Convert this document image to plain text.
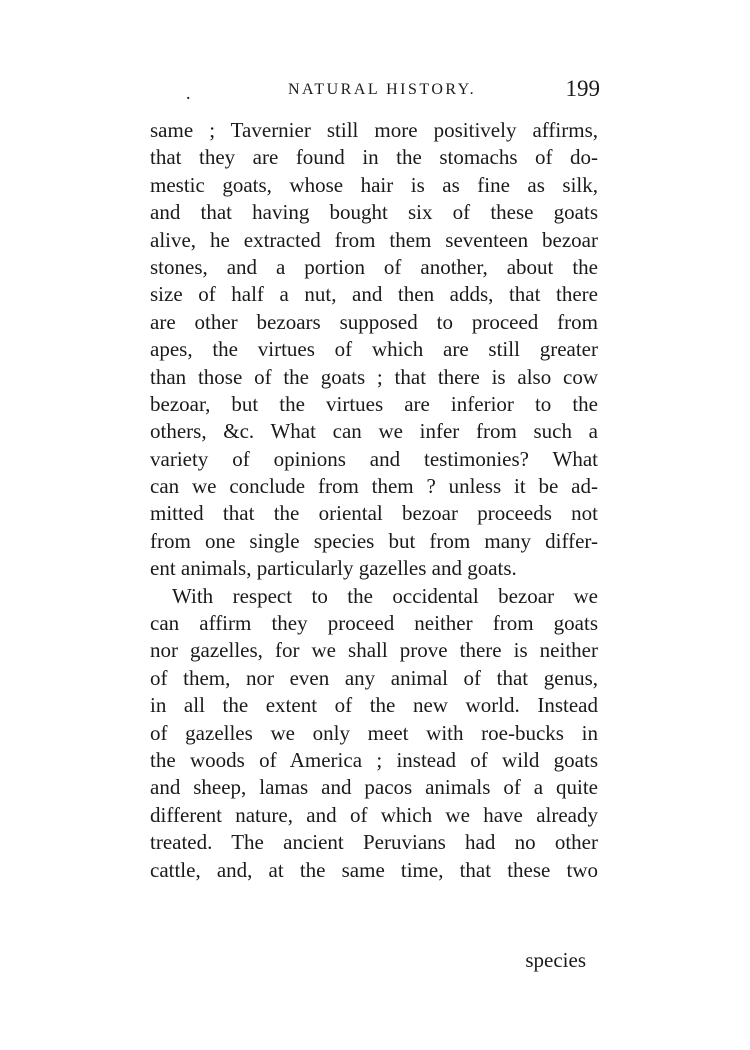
.	NATURAL HISTORY.	199
same ; Tavernier still more positively affirms,
that they are found in the stomachs of do-
mestic goats, whose hair is as fine as silk,
and that having bought six of these goats
alive, he extracted from them seventeen bezoar
stones, and a portion of another, about the
size of half a nut, and then adds, that there
are other bezoars supposed to proceed from
apes, the virtues of which are still greater
than those of the goats ; that there is also cow
bezoar, but the virtues are inferior to the
others, &c. What can we infer from such a
variety of opinions and testimonies? What
can we conclude from them ? unless it be ad-
mitted that the oriental bezoar proceeds not
from one single species but from many differ-
ent animals, particularly gazelles and goats.
With respect to the occidental bezoar we
can affirm they proceed neither from goats
nor gazelles, for we shall prove there is neither
of them, nor even any animal of that genus,
in all the extent of the new world. Instead
of gazelles we only meet with roe-bucks in
the woods of America ; instead of wild goats
and sheep, lamas and pacos animals of a quite
different nature, and of which we have already
treated. The ancient Peruvians had no other
cattle, and, at the same time, that these two
species
